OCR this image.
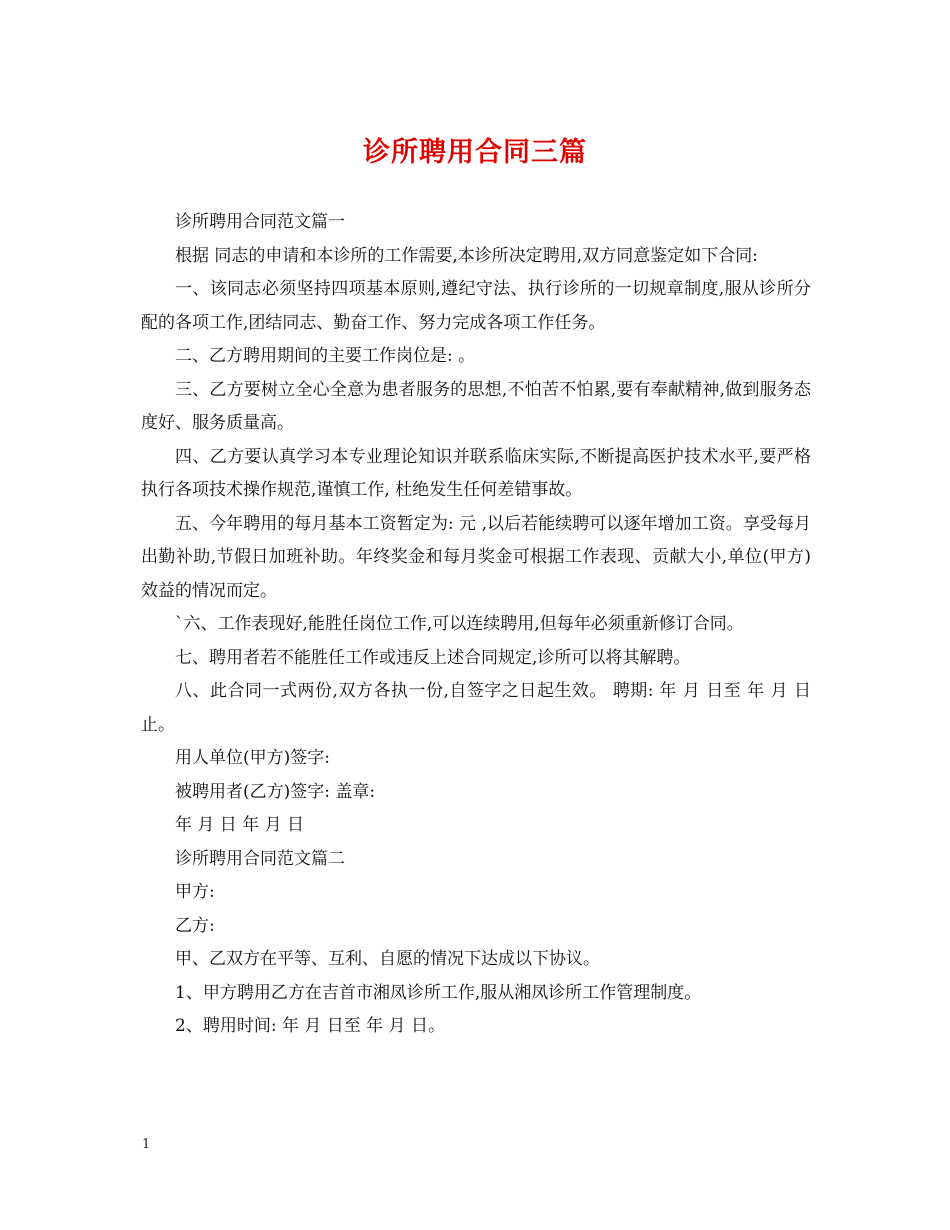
诊所聘用合同三篇

诊所聘用合同范文篇一

根据 同志的申请和本诊所的工作需要,本诊所决定聘用,双方同意鉴定如下合同:

一、该同志必须坚持四项基本原则,遵纪守法、执行诊所的一切规章制度,服从诊所分配的各项工作,团结同志、勤奋工作、努力完成各项工作任务。

二、乙方聘用期间的主要工作岗位是: 。

三、乙方要树立全心全意为患者服务的思想,不怕苦不怕累,要有奉献精神,做到服务态度好、服务质量高。

四、乙方要认真学习本专业理论知识并联系临床实际,不断提高医护技术水平,要严格执行各项技术操作规范,谨慎工作, 杜绝发生任何差错事故。

五、今年聘用的每月基本工资暂定为: 元 ,以后若能续聘可以逐年增加工资。享受每月出勤补助,节假日加班补助。年终奖金和每月奖金可根据工作表现、贡献大小,单位(甲方)效益的情况而定。

`六、工作表现好,能胜任岗位工作,可以连续聘用,但每年必须重新修订合同。

七、聘用者若不能胜任工作或违反上述合同规定,诊所可以将其解聘。

八、此合同一式两份,双方各执一份,自签字之日起生效。 聘期: 年 月 日至 年 月 日止。

用人单位(甲方)签字:

被聘用者(乙方)签字: 盖章:

年 月 日 年 月 日

诊所聘用合同范文篇二

甲方:

乙方:

甲、乙双方在平等、互利、自愿的情况下达成以下协议。

1、甲方聘用乙方在吉首市湘凤诊所工作,服从湘凤诊所工作管理制度。

2、聘用时间: 年 月 日至 年 月 日。

1
